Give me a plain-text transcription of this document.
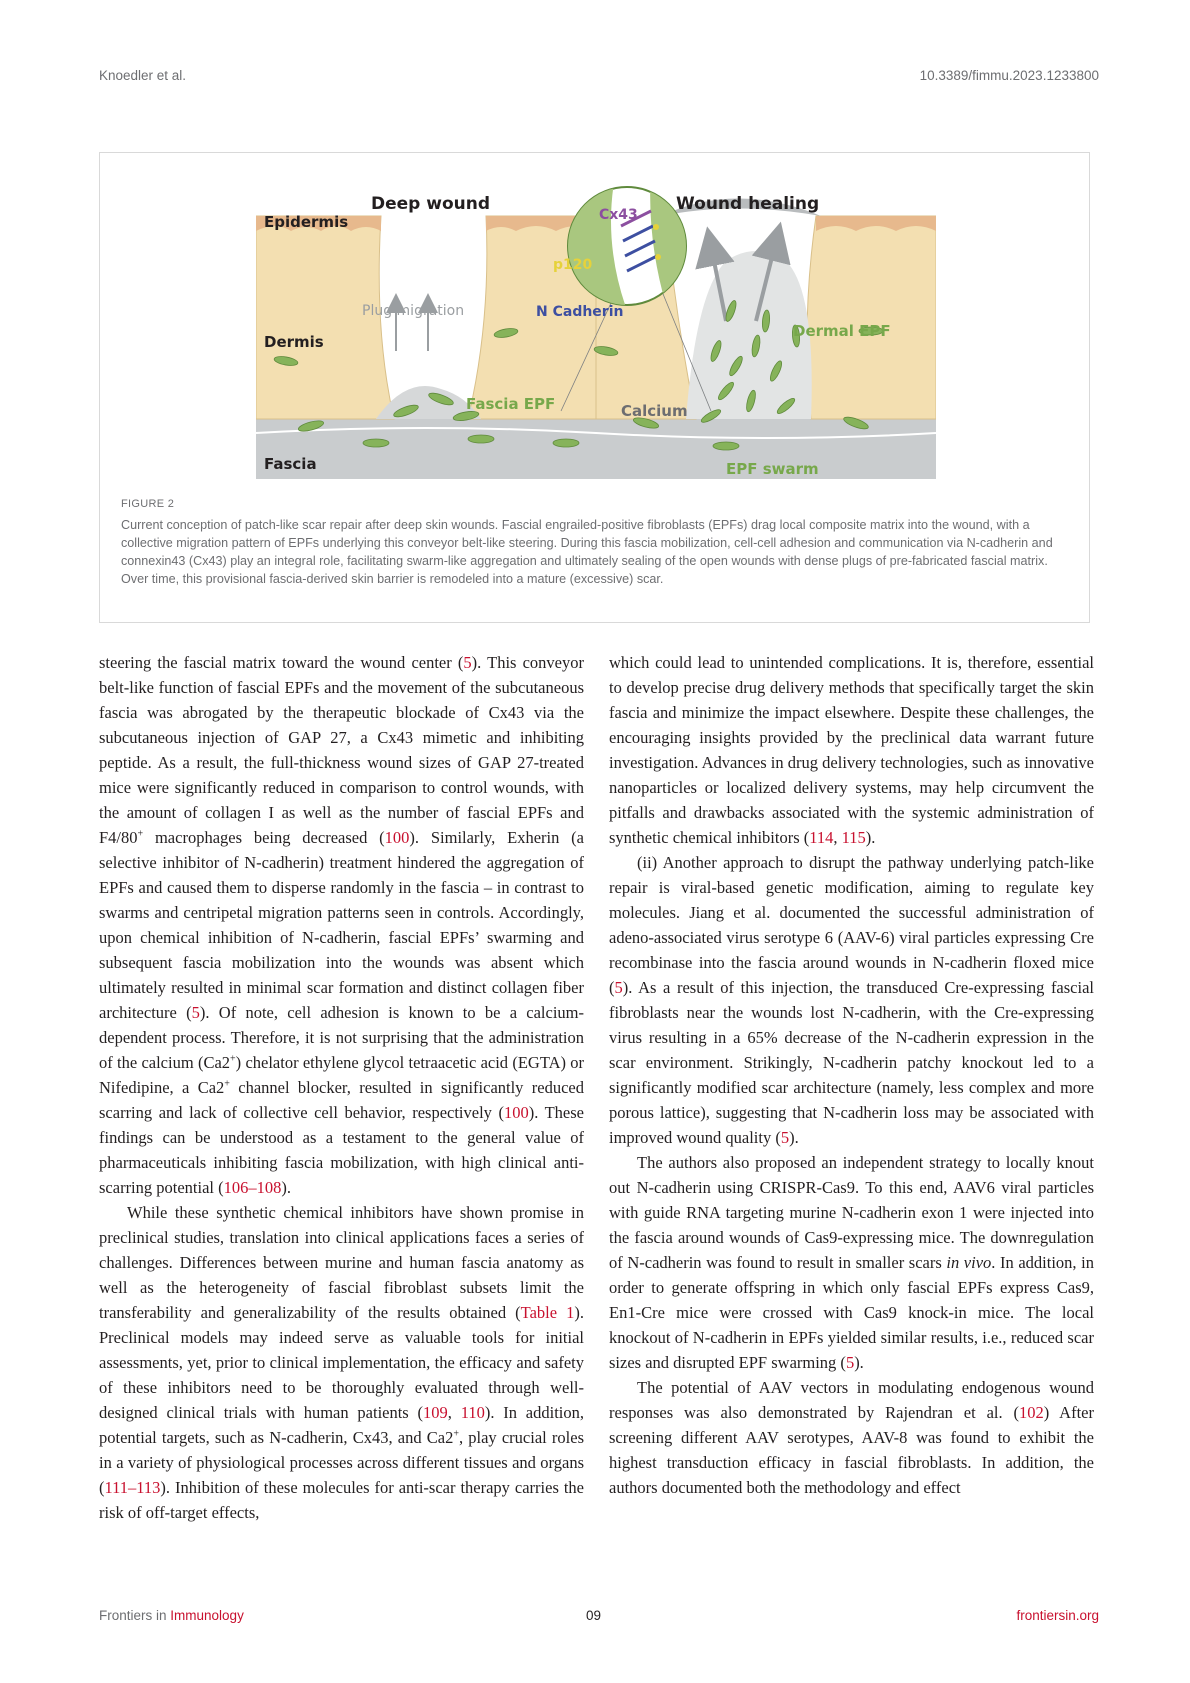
Knoedler et al.	10.3389/fimmu.2023.1233800
Deep wound	Wound healing
Epidermis
Dermis
Fascia
Plug migration
Fascia EPF
Cx43
p120
N Cadherin
Calcium
Dermal EPF
EPF swarm
FIGURE 2
Current conception of patch-like scar repair after deep skin wounds. Fascial engrailed-positive fibroblasts (EPFs) drag local composite matrix into the wound, with a collective migration pattern of EPFs underlying this conveyor belt-like steering. During this fascia mobilization, cell-cell adhesion and communication via N-cadherin and connexin43 (Cx43) play an integral role, facilitating swarm-like aggregation and ultimately sealing of the open wounds with dense plugs of pre-fabricated fascial matrix. Over time, this provisional fascia-derived skin barrier is remodeled into a mature (excessive) scar.

steering the fascial matrix toward the wound center (5). This conveyor belt-like function of fascial EPFs and the movement of the subcutaneous fascia was abrogated by the therapeutic blockade of Cx43 via the subcutaneous injection of GAP 27, a Cx43 mimetic and inhibiting peptide. As a result, the full-thickness wound sizes of GAP 27-treated mice were significantly reduced in comparison to control wounds, with the amount of collagen I as well as the number of fascial EPFs and F4/80+ macrophages being decreased (100). Similarly, Exherin (a selective inhibitor of N-cadherin) treatment hindered the aggregation of EPFs and caused them to disperse randomly in the fascia – in contrast to swarms and centripetal migration patterns seen in controls. Accordingly, upon chemical inhibition of N-cadherin, fascial EPFs’ swarming and subsequent fascia mobilization into the wounds was absent which ultimately resulted in minimal scar formation and distinct collagen fiber architecture (5). Of note, cell adhesion is known to be a calcium-dependent process. Therefore, it is not surprising that the administration of the calcium (Ca2+) chelator ethylene glycol tetraacetic acid (EGTA) or Nifedipine, a Ca2+ channel blocker, resulted in significantly reduced scarring and lack of collective cell behavior, respectively (100). These findings can be understood as a testament to the general value of pharmaceuticals inhibiting fascia mobilization, with high clinical anti-scarring potential (106–108).

While these synthetic chemical inhibitors have shown promise in preclinical studies, translation into clinical applications faces a series of challenges. Differences between murine and human fascia anatomy as well as the heterogeneity of fascial fibroblast subsets limit the transferability and generalizability of the results obtained (Table 1). Preclinical models may indeed serve as valuable tools for initial assessments, yet, prior to clinical implementation, the efficacy and safety of these inhibitors need to be thoroughly evaluated through well-designed clinical trials with human patients (109, 110). In addition, potential targets, such as N-cadherin, Cx43, and Ca2+, play crucial roles in a variety of physiological processes across different tissues and organs (111–113). Inhibition of these molecules for anti-scar therapy carries the risk of off-target effects,

which could lead to unintended complications. It is, therefore, essential to develop precise drug delivery methods that specifically target the skin fascia and minimize the impact elsewhere. Despite these challenges, the encouraging insights provided by the preclinical data warrant future investigation. Advances in drug delivery technologies, such as innovative nanoparticles or localized delivery systems, may help circumvent the pitfalls and drawbacks associated with the systemic administration of synthetic chemical inhibitors (114, 115).

(ii) Another approach to disrupt the pathway underlying patch-like repair is viral-based genetic modification, aiming to regulate key molecules. Jiang et al. documented the successful administration of adeno-associated virus serotype 6 (AAV-6) viral particles expressing Cre recombinase into the fascia around wounds in N-cadherin floxed mice (5). As a result of this injection, the transduced Cre-expressing fascial fibroblasts near the wounds lost N-cadherin, with the Cre-expressing virus resulting in a 65% decrease of the N-cadherin expression in the scar environment. Strikingly, N-cadherin patchy knockout led to a significantly modified scar architecture (namely, less complex and more porous lattice), suggesting that N-cadherin loss may be associated with improved wound quality (5).

The authors also proposed an independent strategy to locally knout out N-cadherin using CRISPR-Cas9. To this end, AAV6 viral particles with guide RNA targeting murine N-cadherin exon 1 were injected into the fascia around wounds of Cas9-expressing mice. The downregulation of N-cadherin was found to result in smaller scars in vivo. In addition, in order to generate offspring in which only fascial EPFs express Cas9, En1-Cre mice were crossed with Cas9 knock-in mice. The local knockout of N-cadherin in EPFs yielded similar results, i.e., reduced scar sizes and disrupted EPF swarming (5).

The potential of AAV vectors in modulating endogenous wound responses was also demonstrated by Rajendran et al. (102) After screening different AAV serotypes, AAV-8 was found to exhibit the highest transduction efficacy in fascial fibroblasts. In addition, the authors documented both the methodology and effect

Frontiers in Immunology	09	frontiersin.org
